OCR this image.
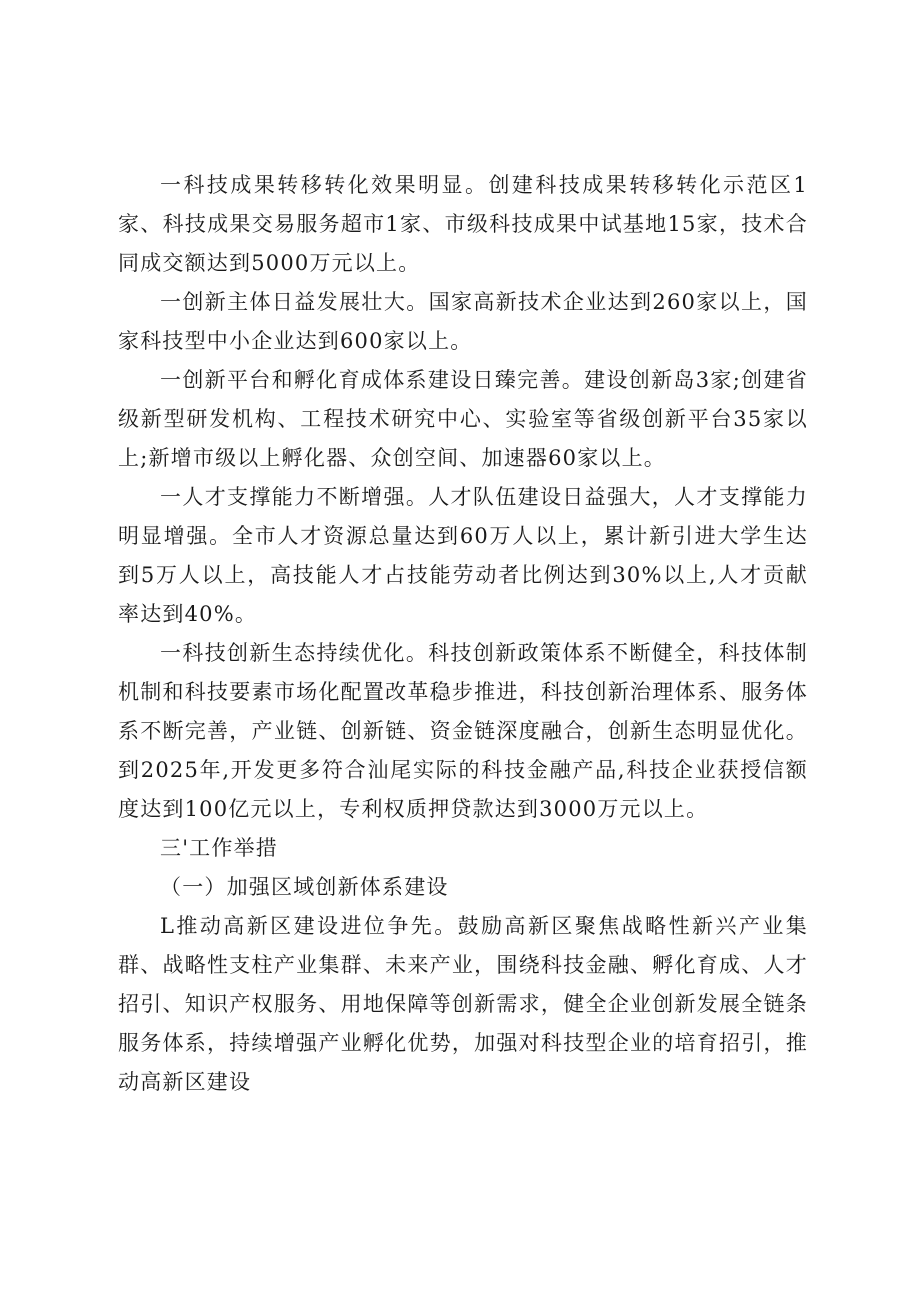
一科技成果转移转化效果明显。创建科技成果转移转化示范区1家、科技成果交易服务超市1家、市级科技成果中试基地15家，技术合同成交额达到5000万元以上。

一创新主体日益发展壮大。国家高新技术企业达到260家以上，国家科技型中小企业达到600家以上。

一创新平台和孵化育成体系建设日臻完善。建设创新岛3家;创建省级新型研发机构、工程技术研究中心、实验室等省级创新平台35家以上;新增市级以上孵化器、众创空间、加速器60家以上。

一人才支撑能力不断增强。人才队伍建设日益强大，人才支撑能力明显增强。全市人才资源总量达到60万人以上，累计新引进大学生达到5万人以上，高技能人才占技能劳动者比例达到30%以上,人才贡献率达到40%。

一科技创新生态持续优化。科技创新政策体系不断健全，科技体制机制和科技要素市场化配置改革稳步推进，科技创新治理体系、服务体系不断完善，产业链、创新链、资金链深度融合，创新生态明显优化。到2025年,开发更多符合汕尾实际的科技金融产品,科技企业获授信额度达到100亿元以上，专利权质押贷款达到3000万元以上。

三'工作举措

（一）加强区域创新体系建设

L推动高新区建设进位争先。鼓励高新区聚焦战略性新兴产业集群、战略性支柱产业集群、未来产业，围绕科技金融、孵化育成、人才招引、知识产权服务、用地保障等创新需求，健全企业创新发展全链条服务体系，持续增强产业孵化优势，加强对科技型企业的培育招引，推动高新区建设
